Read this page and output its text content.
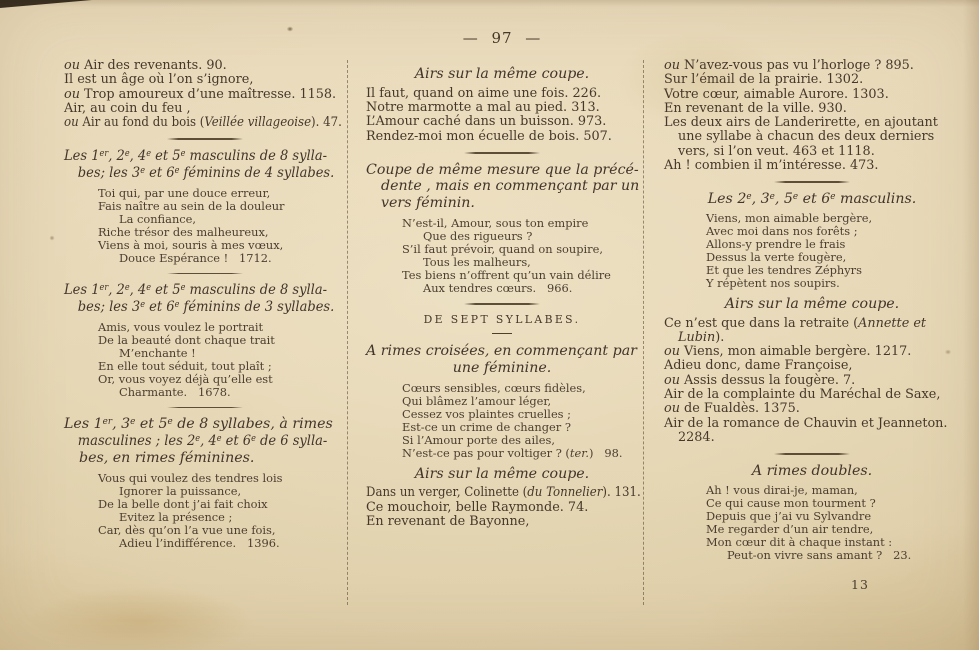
— 97 —
ou Air des revenants. 90.
Il est un âge où l’on s’ignore,
ou Trop amoureux d’une maîtresse. 1158.
Air, au coin du feu ,
ou Air au fond du bois (Veillée villageoise). 47.
Les 1er, 2e, 4e et 5e masculins de 8 sylla-
bes; les 3e et 6e féminins de 4 syllabes.
Toi qui, par une douce erreur,
Fais naître au sein de la douleur
La confiance,
Riche trésor des malheureux,
Viens à moi, souris à mes vœux,
Douce Espérance !   1712.
Les 1er, 2e, 4e et 5e masculins de 8 sylla-
bes; les 3e et 6e féminins de 3 syllabes.
Amis, vous voulez le portrait
De la beauté dont chaque trait
M’enchante !
En elle tout séduit, tout plaît ;
Or, vous voyez déjà qu’elle est
Charmante.   1678.
Les 1er, 3e et 5e de 8 syllabes, à rimes
masculines ; les 2e, 4e et 6e de 6 sylla-
bes, en rimes féminines.
Vous qui voulez des tendres lois
Ignorer la puissance,
De la belle dont j’ai fait choix
Evitez la présence ;
Car, dès qu’on l’a vue une fois,
Adieu l’indifférence.   1396.
Airs sur la même coupe.
Il faut, quand on aime une fois. 226.
Notre marmotte a mal au pied. 313.
L’Amour caché dans un buisson. 973.
Rendez-moi mon écuelle de bois. 507.
Coupe de même mesure que la précé-
dente , mais en commençant par un
vers féminin.
N’est-il, Amour, sous ton empire
Que des rigueurs ?
S’il faut prévoir, quand on soupire,
Tous les malheurs,
Tes biens n’offrent qu’un vain délire
Aux tendres cœurs.   966.
DE SEPT SYLLABES.
A rimes croisées, en commençant par
une féminine.
Cœurs sensibles, cœurs fidèles,
Qui blâmez l’amour léger,
Cessez vos plaintes cruelles ;
Est-ce un crime de changer ?
Si l’Amour porte des ailes,
N’est-ce pas pour voltiger ? (ter.)   98.
Airs sur la même coupe.
Dans un verger, Colinette (du Tonnelier). 131.
Ce mouchoir, belle Raymonde. 74.
En revenant de Bayonne,
ou N’avez-vous pas vu l’horloge ? 895.
Sur l’émail de la prairie. 1302.
Votre cœur, aimable Aurore. 1303.
En revenant de la ville. 930.
Les deux airs de Landerirette, en ajoutant
une syllabe à chacun des deux derniers
vers, si l’on veut. 463 et 1118.
Ah ! combien il m’intéresse. 473.
Les 2e, 3e, 5e et 6e masculins.
Viens, mon aimable bergère,
Avec moi dans nos forêts ;
Allons-y prendre le frais
Dessus la verte fougère,
Et que les tendres Zéphyrs
Y répètent nos soupirs.
Airs sur la même coupe.
Ce n’est que dans la retraite (Annette et
Lubin).
ou Viens, mon aimable bergère. 1217.
Adieu donc, dame Françoise,
ou Assis dessus la fougère. 7.
Air de la complainte du Maréchal de Saxe,
ou de Fualdès. 1375.
Air de la romance de Chauvin et Jeanneton.
2284.
A rimes doubles.
Ah ! vous dirai-je, maman,
Ce qui cause mon tourment ?
Depuis que j’ai vu Sylvandre
Me regarder d’un air tendre,
Mon cœur dit à chaque instant :
Peut-on vivre sans amant ?   23.
13
